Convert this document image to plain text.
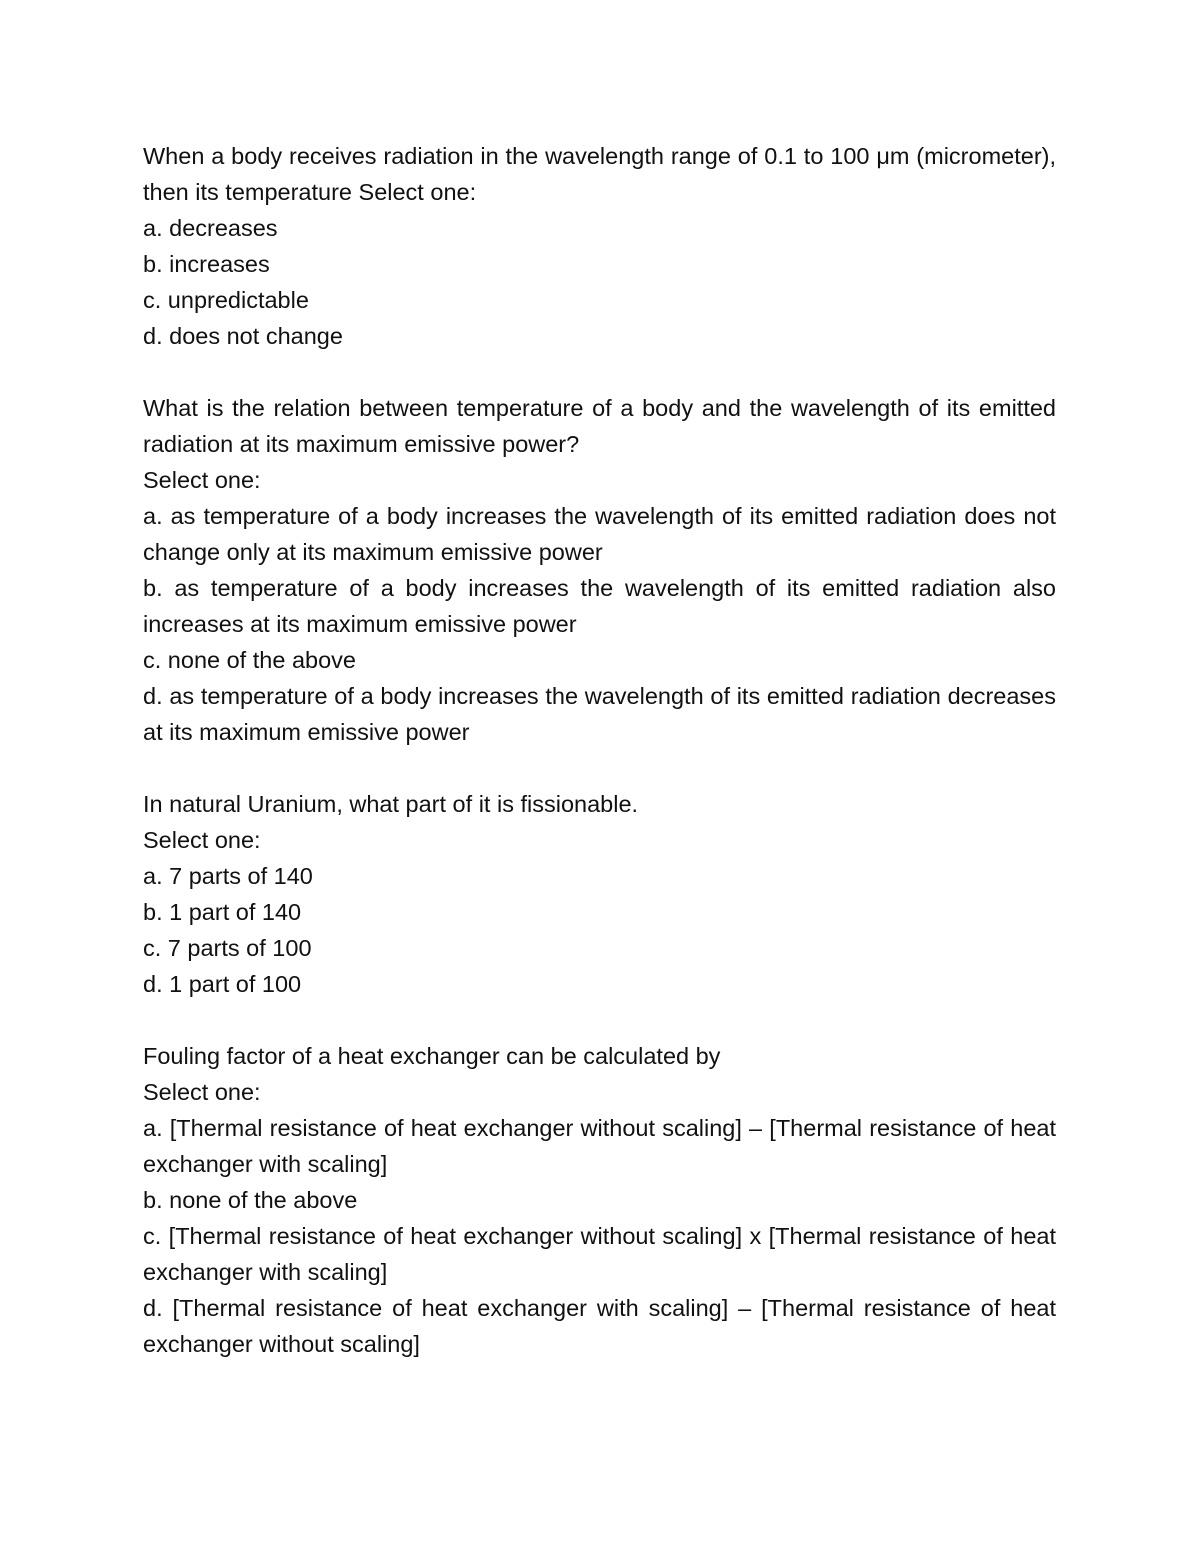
When a body receives radiation in the wavelength range of 0.1 to 100 μm (micrometer), then its temperature Select one:

a. decreases

b. increases

c. unpredictable

d. does not change

What is the relation between temperature of a body and the wavelength of its emitted radiation at its maximum emissive power?

Select one:

a. as temperature of a body increases the wavelength of its emitted radiation does not change only at its maximum emissive power

b. as temperature of a body increases the wavelength of its emitted radiation also increases at its maximum emissive power

c. none of the above

d. as temperature of a body increases the wavelength of its emitted radiation decreases at its maximum emissive power

In natural Uranium, what part of it is fissionable.

Select one:

a. 7 parts of 140

b. 1 part of 140

c. 7 parts of 100

d. 1 part of 100

Fouling factor of a heat exchanger can be calculated by

Select one:

a. [Thermal resistance of heat exchanger without scaling] – [Thermal resistance of heat exchanger with scaling]

b. none of the above

c. [Thermal resistance of heat exchanger without scaling] x [Thermal resistance of heat exchanger with scaling]

d. [Thermal resistance of heat exchanger with scaling] – [Thermal resistance of heat exchanger without scaling]
